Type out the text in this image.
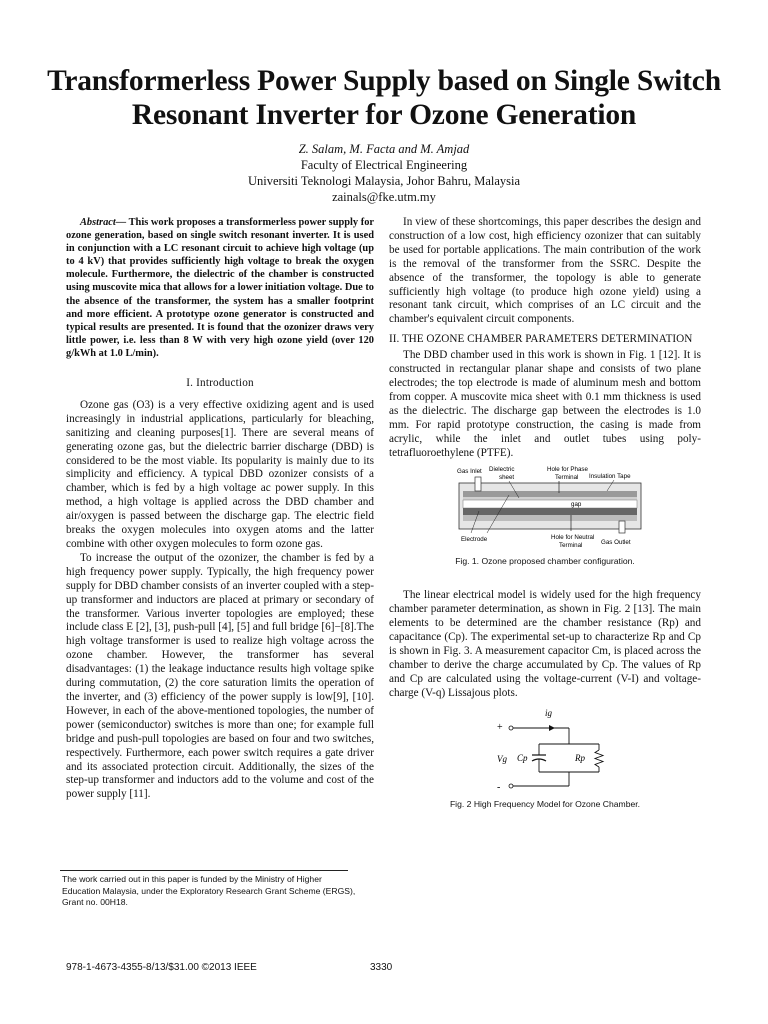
Transformerless Power Supply based on Single Switch Resonant Inverter for Ozone Generation
Z. Salam, M. Facta and M. Amjad
Faculty of Electrical Engineering
Universiti Teknologi Malaysia, Johor Bahru, Malaysia
zainals@fke.utm.my

Abstract— This work proposes a transformerless power supply for ozone generation, based on single switch resonant inverter. It is used in conjunction with a LC resonant circuit to achieve high voltage (up to 4 kV) that provides sufficiently high voltage to break the oxygen molecule. Furthermore, the dielectric of the chamber is constructed using muscovite mica that allows for a lower initiation voltage. Due to the absence of the transformer, the system has a smaller footprint and more efficient. A prototype ozone generator is constructed and typical results are presented. It is found that the ozonizer draws very little power, i.e. less than 8 W with very high ozone yield (over 120 g/kWh at 1.0 L/min).

I. Introduction

Ozone gas (O3) is a very effective oxidizing agent and is used increasingly in industrial applications, particularly for bleaching, sanitizing and cleaning purposes[1]. There are several means of generating ozone gas, but the dielectric barrier discharge (DBD) is considered to be the most viable. Its popularity is mainly due to its simplicity and efficiency. A typical DBD ozonizer consists of a chamber, which is fed by a high voltage ac power supply. In this method, a high voltage is applied across the DBD chamber and air/oxygen is passed between the discharge gap. The electric field breaks the oxygen molecules into oxygen atoms and the latter combine with other oxygen molecules to form ozone gas.

To increase the output of the ozonizer, the chamber is fed by a high frequency power supply. Typically, the high frequency power supply for DBD chamber consists of an inverter coupled with a step-up transformer and inductors are placed at primary or secondary of the transformer. Various inverter topologies are employed; these include class E [2], [3], push-pull [4], [5] and full bridge [6]−[8].The high voltage transformer is used to realize high voltage across the ozone chamber. However, the transformer has several disadvantages: (1) the leakage inductance results high voltage spike during commutation, (2) the core saturation limits the operation of the inverter, and (3) efficiency of the power supply is low[9], [10]. However, in each of the above-mentioned topologies, the number of power (semiconductor) switches is more than one; for example full bridge and push-pull topologies are based on four and two switches, respectively. Furthermore, each power switch requires a gate driver and its associated protection circuit. Additionally, the sizes of the step-up transformer and inductors add to the volume and cost of the power supply [11].

In view of these shortcomings, this paper describes the design and construction of a low cost, high efficiency ozonizer that can suitably be used for portable applications. The main contribution of the work is the removal of the transformer from the SSRC. Despite the absence of the transformer, the topology is able to generate sufficiently high voltage (to produce high ozone yield) using a resonant tank circuit, which comprises of an LC circuit and the chamber's equivalent circuit components.

II. THE OZONE CHAMBER PARAMETERS DETERMINATION

The DBD chamber used in this work is shown in Fig. 1 [12]. It is constructed in rectangular planar shape and consists of two plane electrodes; the top electrode is made of aluminum mesh and bottom from copper. A muscovite mica sheet with 0.1 mm thickness is used as the dielectric. The discharge gap between the electrodes is 1.0 mm. For rapid prototype construction, the casing is made from acrylic, while the inlet and outlet tubes using poly-tetrafluoroethylene (PTFE).

Gas Inlet Dielectric
sheet
Hole for Phase
Terminal Insulation Tape
gap
Electrode	Hole for Neutral
Terminal	Gas Outlet
Fig. 1. Ozone proposed chamber configuration.

The linear electrical model is widely used for the high frequency chamber parameter determination, as shown in Fig. 2 [13]. The main elements to be determined are the chamber resistance (Rp) and capacitance (Cp). The experimental set-up to characterize Rp and Cp is shown in Fig. 3. A measurement capacitor Cm, is placed across the chamber to derive the charge accumulated by Cp. The values of Rp and Cp are calculated using the voltage-current (V-I) and voltage-charge (V-q) Lissajous plots.

ig
+
-
Vg Cp	Rp
Fig. 2 High Frequency Model for Ozone Chamber.
The work carried out in this paper is funded by the Ministry of Higher Education Malaysia, under the Exploratory Research Grant Scheme (ERGS), Grant no. 00H18.
978-1-4673-4355-8/13/$31.00 ©2013 IEEE	3330
